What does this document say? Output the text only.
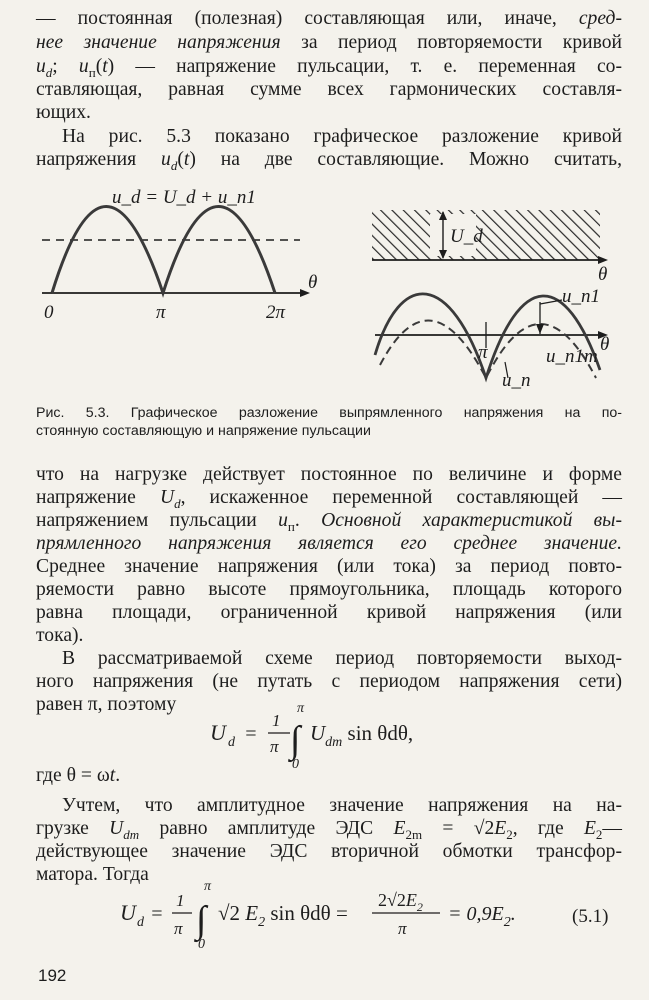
— постоянная (полезная) составляющая или, иначе, сред-
нее значение напряжения за период повторяемости кривой
$u_d$; $u_п(t)$ — напряжение пульсации, т. е. переменная со-
ставляющая, равная сумме всех гармонических составля-
ющих.
На рис. 5.3 показано графическое разложение кривой
напряжения $u_d(t)$ на две составляющие. Можно считать,
u_d = U_d + u_п1
0	π	2π
θ
U_d
θ
u_п1
π	u_п1m
u_п
θ
Рис. 5.3. Графическое разложение выпрямленного напряжения на по-
стоянную составляющую и напряжение пульсации
что на нагрузке действует постоянное по величине и форме
напряжение $U_d$, искаженное переменной составляющей —
напряжением пульсации $u_п$. Основной характеристикой вы-
прямленного напряжения является его среднее значение.
Среднее значение напряжения (или тока) за период повто-
ряемости равно высоте прямоугольника, площадь которого
равна площади, ограниченной кривой напряжения (или
тока).
В рассматриваемой схеме период повторяемости выход-
ного напряжения (не путать с периодом напряжения сети)
равен π, поэтому
U d =
1
π ∫
π
0
$U_{dm}$ sin θdθ,
где θ = ωt.
Учтем, что амплитудное значение напряжения на на-
грузке $U_{dm}$ равно амплитуде ЭДС $E_{2m} = √2E_2$, где $E_2—$
действующее значение ЭДС вторичной обмотки трансфор-
матора. Тогда
U d =
1
π ∫
π
0
√2 $E_2$ sin θdθ =
$2√2E_2$
π
= $0,9E_2$.	(5.1)
192
